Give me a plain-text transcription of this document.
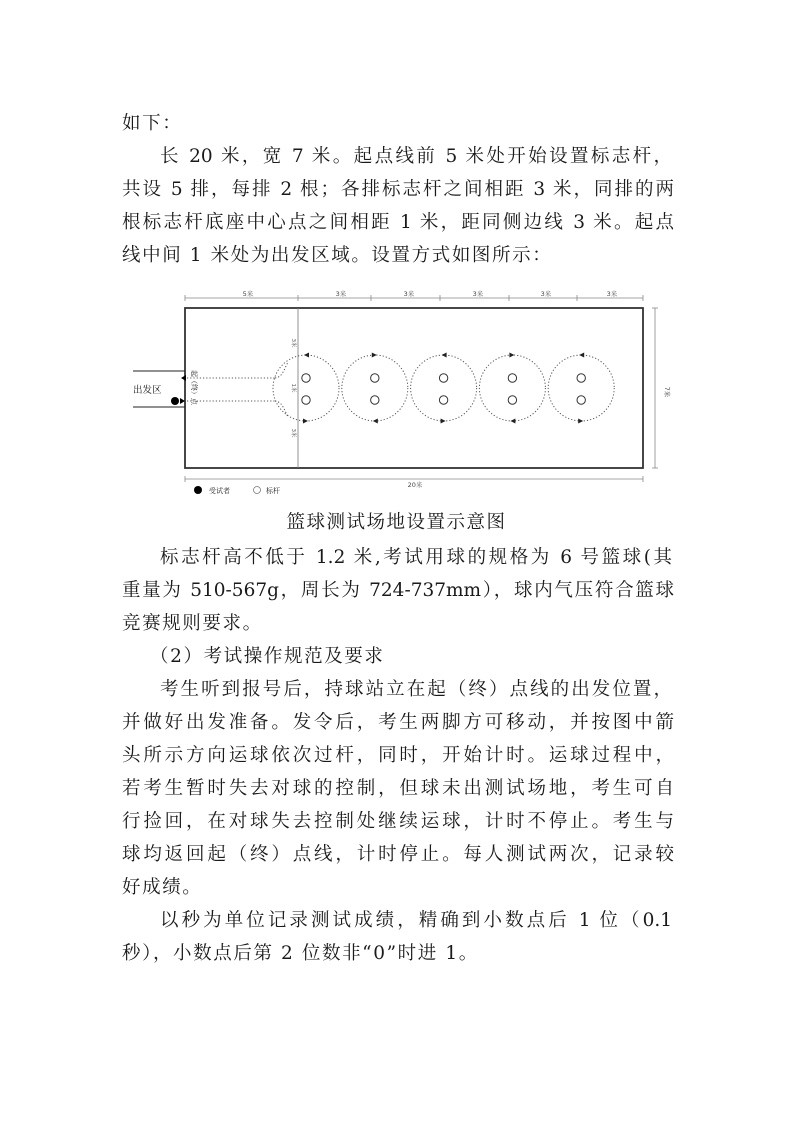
如下：
长 20 米，宽 7 米。起点线前 5 米处开始设置标志杆，
共设 5 排，每排 2 根；各排标志杆之间相距 3 米，同排的两
根标志杆底座中心点之间相距 1 米，距同侧边线 3 米。起点
线中间 1 米处为出发区域。设置方式如图所示：
5米	3米	3米	3米	3米	3米
7米
20米
3米
1米
3米
出发区	起（终）点
受试者	标杆
篮球测试场地设置示意图
标志杆高不低于 1.2 米,考试用球的规格为 6 号篮球(其
重量为 510-567g，周长为 724-737mm），球内气压符合篮球
竞赛规则要求。
（2）考试操作规范及要求
考生听到报号后，持球站立在起（终）点线的出发位置，
并做好出发准备。发令后，考生两脚方可移动，并按图中箭
头所示方向运球依次过杆，同时，开始计时。运球过程中，
若考生暂时失去对球的控制，但球未出测试场地，考生可自
行捡回，在对球失去控制处继续运球，计时不停止。考生与
球均返回起（终）点线，计时停止。每人测试两次，记录较
好成绩。
以秒为单位记录测试成绩，精确到小数点后 1 位（0.1
秒），小数点后第 2 位数非“0”时进 1。
